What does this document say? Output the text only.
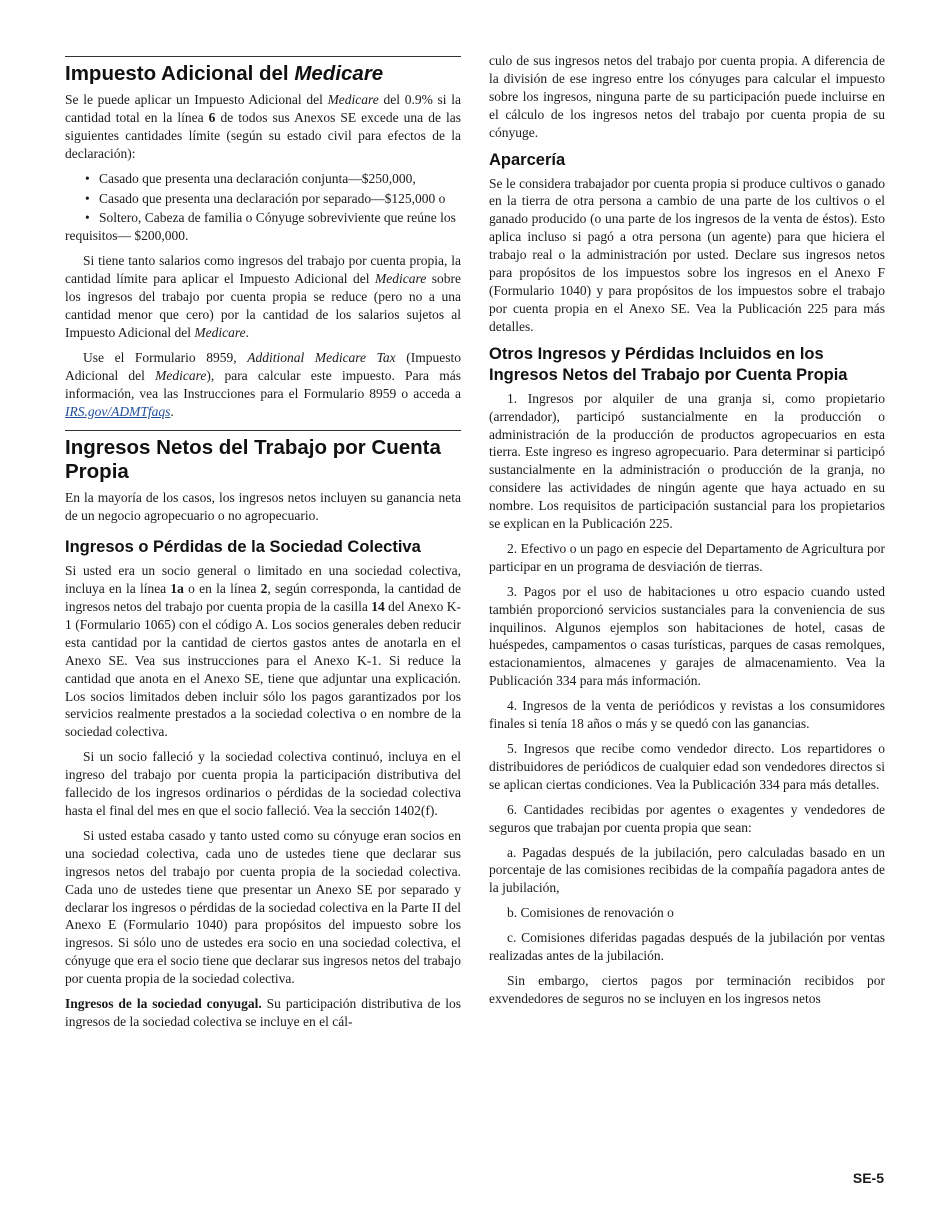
Impuesto Adicional del Medicare

Se le puede aplicar un Impuesto Adicional del Medicare del 0.9% si la cantidad total en la línea 6 de todos sus Anexos SE excede una de las siguientes cantidades límite (según su estado civil para efectos de la declaración):

• Casado que presenta una declaración conjunta—$250,000,
• Casado que presenta una declaración por separado—$125,000 o
• Soltero, Cabeza de familia o Cónyuge sobreviviente que reúne los requisitos— $200,000.

Si tiene tanto salarios como ingresos del trabajo por cuenta propia, la cantidad límite para aplicar el Impuesto Adicional del Medicare sobre los ingresos del trabajo por cuenta propia se reduce (pero no a una cantidad menor que cero) por la cantidad de los salarios sujetos al Impuesto Adicional del Medicare.

Use el Formulario 8959, Additional Medicare Tax (Impuesto Adicional del Medicare), para calcular este impuesto. Para más información, vea las Instrucciones para el Formulario 8959 o acceda a IRS.gov/ADMTfaqs.

Ingresos Netos del Trabajo por Cuenta Propia

En la mayoría de los casos, los ingresos netos incluyen su ganancia neta de un negocio agropecuario o no agropecuario.

Ingresos o Pérdidas de la Sociedad Colectiva

Si usted era un socio general o limitado en una sociedad colectiva, incluya en la línea 1a o en la línea 2, según corresponda, la cantidad de ingresos netos del trabajo por cuenta propia de la casilla 14 del Anexo K-1 (Formulario 1065) con el código A. Los socios generales deben reducir esta cantidad por la cantidad de ciertos gastos antes de anotarla en el Anexo SE. Vea sus instrucciones para el Anexo K-1. Si reduce la cantidad que anota en el Anexo SE, tiene que adjuntar una explicación. Los socios limitados deben incluir sólo los pagos garantizados por los servicios realmente prestados a la sociedad colectiva o en nombre de la sociedad colectiva.

Si un socio falleció y la sociedad colectiva continuó, incluya en el ingreso del trabajo por cuenta propia la participación distributiva del fallecido de los ingresos ordinarios o pérdidas de la sociedad colectiva hasta el final del mes en que el socio falleció. Vea la sección 1402(f).

Si usted estaba casado y tanto usted como su cónyuge eran socios en una sociedad colectiva, cada uno de ustedes tiene que declarar sus ingresos netos del trabajo por cuenta propia de la sociedad colectiva. Cada uno de ustedes tiene que presentar un Anexo SE por separado y declarar los ingresos o pérdidas de la sociedad colectiva en la Parte II del Anexo E (Formulario 1040) para propósitos del impuesto sobre los ingresos. Si sólo uno de ustedes era socio en una sociedad colectiva, el cónyuge que era el socio tiene que declarar sus ingresos netos del trabajo por cuenta propia de la sociedad colectiva.

Ingresos de la sociedad conyugal. Su participación distributiva de los ingresos de la sociedad colectiva se incluye en el cál-

culo de sus ingresos netos del trabajo por cuenta propia. A diferencia de la división de ese ingreso entre los cónyuges para calcular el impuesto sobre los ingresos, ninguna parte de su participación puede incluirse en el cálculo de los ingresos netos del trabajo por cuenta propia de su cónyuge.

Aparcería

Se le considera trabajador por cuenta propia si produce cultivos o ganado en la tierra de otra persona a cambio de una parte de los cultivos o el ganado producido (o una parte de los ingresos de la venta de éstos). Esto aplica incluso si pagó a otra persona (un agente) para que hiciera el trabajo real o la administración por usted. Declare sus ingresos netos para propósitos de los impuestos sobre los ingresos en el Anexo F (Formulario 1040) y para propósitos de los impuestos sobre el trabajo por cuenta propia en el Anexo SE. Vea la Publicación 225 para más detalles.

Otros Ingresos y Pérdidas Incluidos en los Ingresos Netos del Trabajo por Cuenta Propia

1. Ingresos por alquiler de una granja si, como propietario (arrendador), participó sustancialmente en la producción o administración de la producción de productos agropecuarios en esta tierra. Este ingreso es ingreso agropecuario. Para determinar si participó sustancialmente en la administración o producción de la granja, no considere las actividades de ningún agente que haya actuado en su nombre. Los requisitos de participación sustancial para los propietarios se explican en la Publicación 225.

2. Efectivo o un pago en especie del Departamento de Agricultura por participar en un programa de desviación de tierras.

3. Pagos por el uso de habitaciones u otro espacio cuando usted también proporcionó servicios sustanciales para la conveniencia de sus inquilinos. Algunos ejemplos son habitaciones de hotel, casas de huéspedes, campamentos o casas turísticas, parques de casas remolques, estacionamientos, almacenes y garajes de almacenamiento. Vea la Publicación 334 para más información.

4. Ingresos de la venta de periódicos y revistas a los consumidores finales si tenía 18 años o más y se quedó con las ganancias.

5. Ingresos que recibe como vendedor directo. Los repartidores o distribuidores de periódicos de cualquier edad son vendedores directos si se aplican ciertas condiciones. Vea la Publicación 334 para más detalles.

6. Cantidades recibidas por agentes o exagentes y vendedores de seguros que trabajan por cuenta propia que sean:

a. Pagadas después de la jubilación, pero calculadas basado en un porcentaje de las comisiones recibidas de la compañía pagadora antes de la jubilación,

b. Comisiones de renovación o

c. Comisiones diferidas pagadas después de la jubilación por ventas realizadas antes de la jubilación.

Sin embargo, ciertos pagos por terminación recibidos por exvendedores de seguros no se incluyen en los ingresos netos

SE-5
